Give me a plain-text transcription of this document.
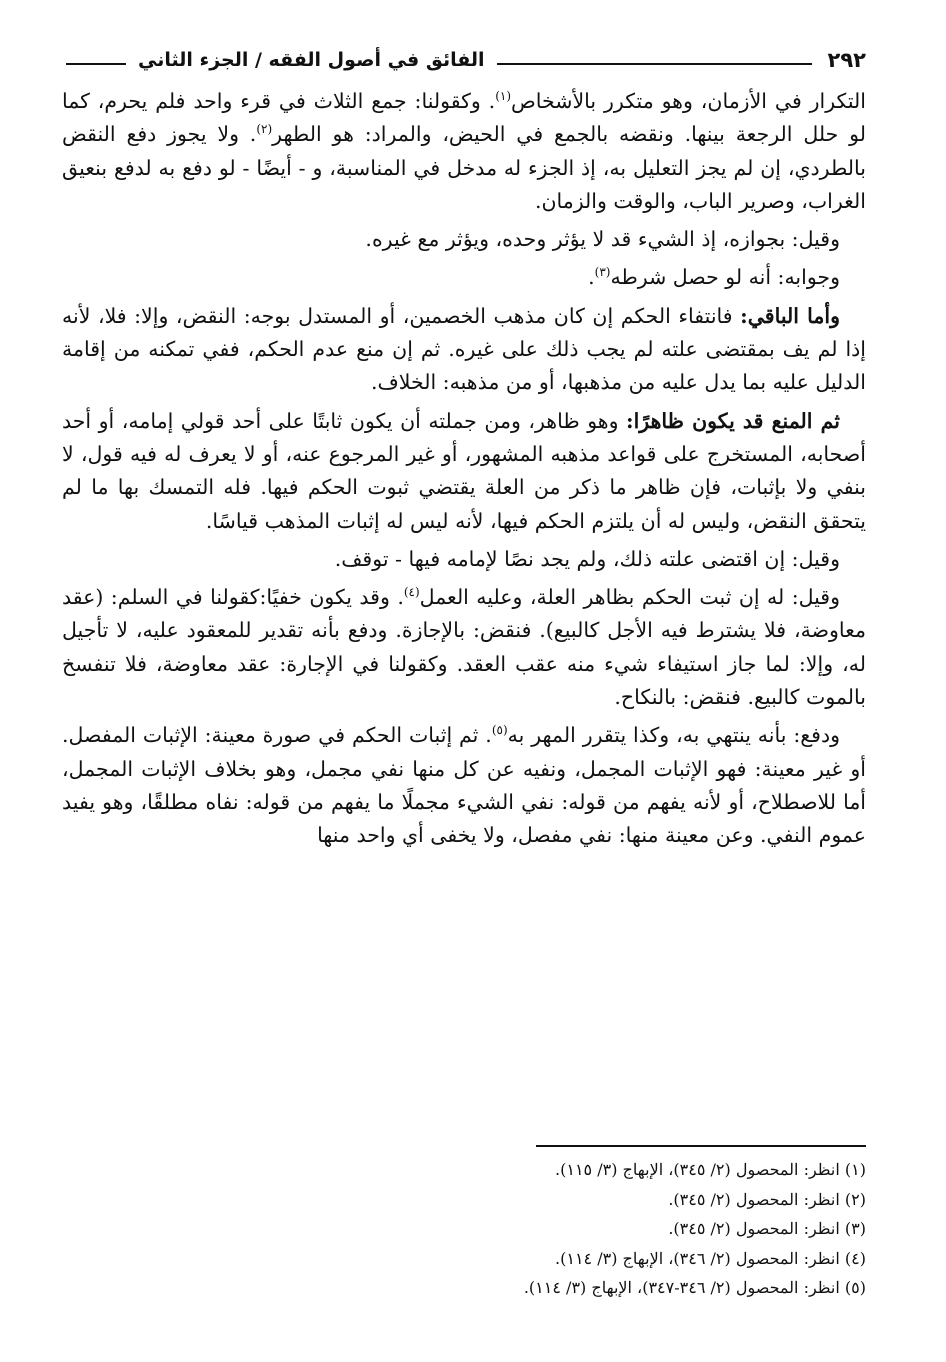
٢٩٢
الفائق في أصول الفقه / الجزء الثاني

التكرار في الأزمان، وهو متكرر بالأشخاص$^{(١)}$. وكقولنا: جمع الثلاث في قرء واحد فلم يحرم، كما لو حلل الرجعة بينها. ونقضه بالجمع في الحيض، والمراد: هو الطهر$^{(٢)}$. ولا يجوز دفع النقض بالطردي، إن لم يجز التعليل به، إذ الجزء له مدخل في المناسبة، و - أيضًا - لو دفع به لدفع بنعيق الغراب، وصرير الباب، والوقت والزمان.

وقيل: بجوازه، إذ الشيء قد لا يؤثر وحده، ويؤثر مع غيره.

وجوابه: أنه لو حصل شرطه$^{(٣)}$.

وأما الباقي: فانتفاء الحكم إن كان مذهب الخصمين، أو المستدل بوجه: النقض، وإلا: فلا، لأنه إذا لم يف بمقتضى علته لم يجب ذلك على غيره. ثم إن منع عدم الحكم، ففي تمكنه من إقامة الدليل عليه بما يدل عليه من مذهبها، أو من مذهبه: الخلاف.

ثم المنع قد يكون ظاهرًا: وهو ظاهر، ومن جملته أن يكون ثابتًا على أحد قولي إمامه، أو أحد أصحابه، المستخرج على قواعد مذهبه المشهور، أو غير المرجوع عنه، أو لا يعرف له فيه قول، لا بنفي ولا بإثبات، فإن ظاهر ما ذكر من العلة يقتضي ثبوت الحكم فيها. فله التمسك بها ما لم يتحقق النقض، وليس له أن يلتزم الحكم فيها، لأنه ليس له إثبات المذهب قياسًا.

وقيل: إن اقتضى علته ذلك، ولم يجد نصًا لإمامه فيها - توقف.

وقيل: له إن ثبت الحكم بظاهر العلة، وعليه العمل$^{(٤)}$. وقد يكون خفيًا:كقولنا في السلم: (عقد معاوضة، فلا يشترط فيه الأجل كالبيع). فنقض: بالإجازة. ودفع بأنه تقدير للمعقود عليه، لا تأجيل له، وإلا: لما جاز استيفاء شيء منه عقب العقد. وكقولنا في الإجارة: عقد معاوضة، فلا تنفسخ بالموت كالبيع. فنقض: بالنكاح.

ودفع: بأنه ينتهي به، وكذا يتقرر المهر به$^{(٥)}$. ثم إثبات الحكم في صورة معينة: الإثبات المفصل. أو غير معينة: فهو الإثبات المجمل، ونفيه عن كل منها نفي مجمل، وهو بخلاف الإثبات المجمل، أما للاصطلاح، أو لأنه يفهم من قوله: نفي الشيء مجملًا ما يفهم من قوله: نفاه مطلقًا، وهو يفيد عموم النفي. وعن معينة منها: نفي مفصل، ولا يخفى أي واحد منها

(١) انظر: المحصول (٢/ ٣٤٥)، الإبهاج (٣/ ١١٥).

(٢) انظر: المحصول (٢/ ٣٤٥).

(٣) انظر: المحصول (٢/ ٣٤٥).

(٤) انظر: المحصول (٢/ ٣٤٦)، الإبهاج (٣/ ١١٤).

(٥) انظر: المحصول (٢/ ٣٤٦-٣٤٧)، الإبهاج (٣/ ١١٤).
